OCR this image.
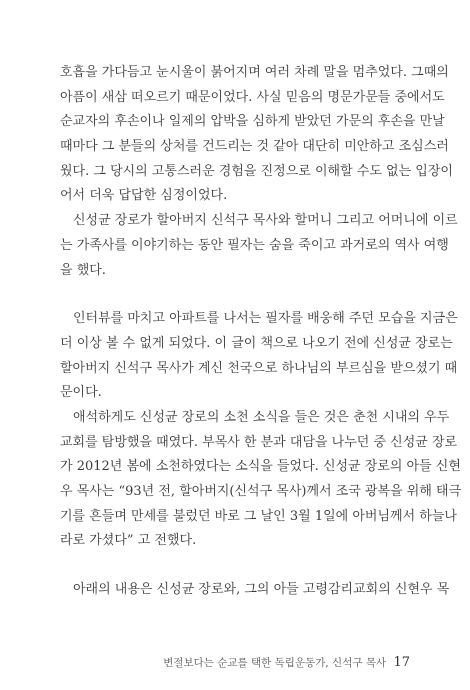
호흡을 가다듬고 눈시울이 붉어지며 여러 차례 말을 멈추었다. 그때의
아픔이 새삼 떠오르기 때문이었다. 사실 믿음의 명문가문들 중에서도
순교자의 후손이나 일제의 압박을 심하게 받았던 가문의 후손을 만날
때마다 그 분들의 상처를 건드리는 것 같아 대단히 미안하고 조심스러
웠다. 그 당시의 고통스러운 경험을 진정으로 이해할 수도 없는 입장이
어서 더욱 답답한 심정이었다.
　신성균 장로가 할아버지 신석구 목사와 할머니 그리고 어머니에 이르
는 가족사를 이야기하는 동안 필자는 숨을 죽이고 과거로의 역사 여행
을 했다.
　인터뷰를 마치고 아파트를 나서는 필자를 배웅해 주던 모습을 지금은
더 이상 볼 수 없게 되었다. 이 글이 책으로 나오기 전에 신성균 장로는
할아버지 신석구 목사가 계신 천국으로 하나님의 부르심을 받으셨기 때
문이다.
　애석하게도 신성균 장로의 소천 소식을 들은 것은 춘천 시내의 우두
교회를 탐방했을 때였다. 부목사 한 분과 대담을 나누던 중 신성균 장로
가 2012년 봄에 소천하였다는 소식을 들었다. 신성균 장로의 아들 신현
우 목사는 “93년 전, 할아버지(신석구 목사)께서 조국 광복을 위해 태극
기를 흔들며 만세를 불렀던 바로 그 날인 3월 1일에 아버님께서 하늘나
라로 가셨다” 고 전했다.
　아래의 내용은 신성균 장로와, 그의 아들 고령감리교회의 신현우 목
변절보다는 순교를 택한 독립운동가, 신석구 목사 17
